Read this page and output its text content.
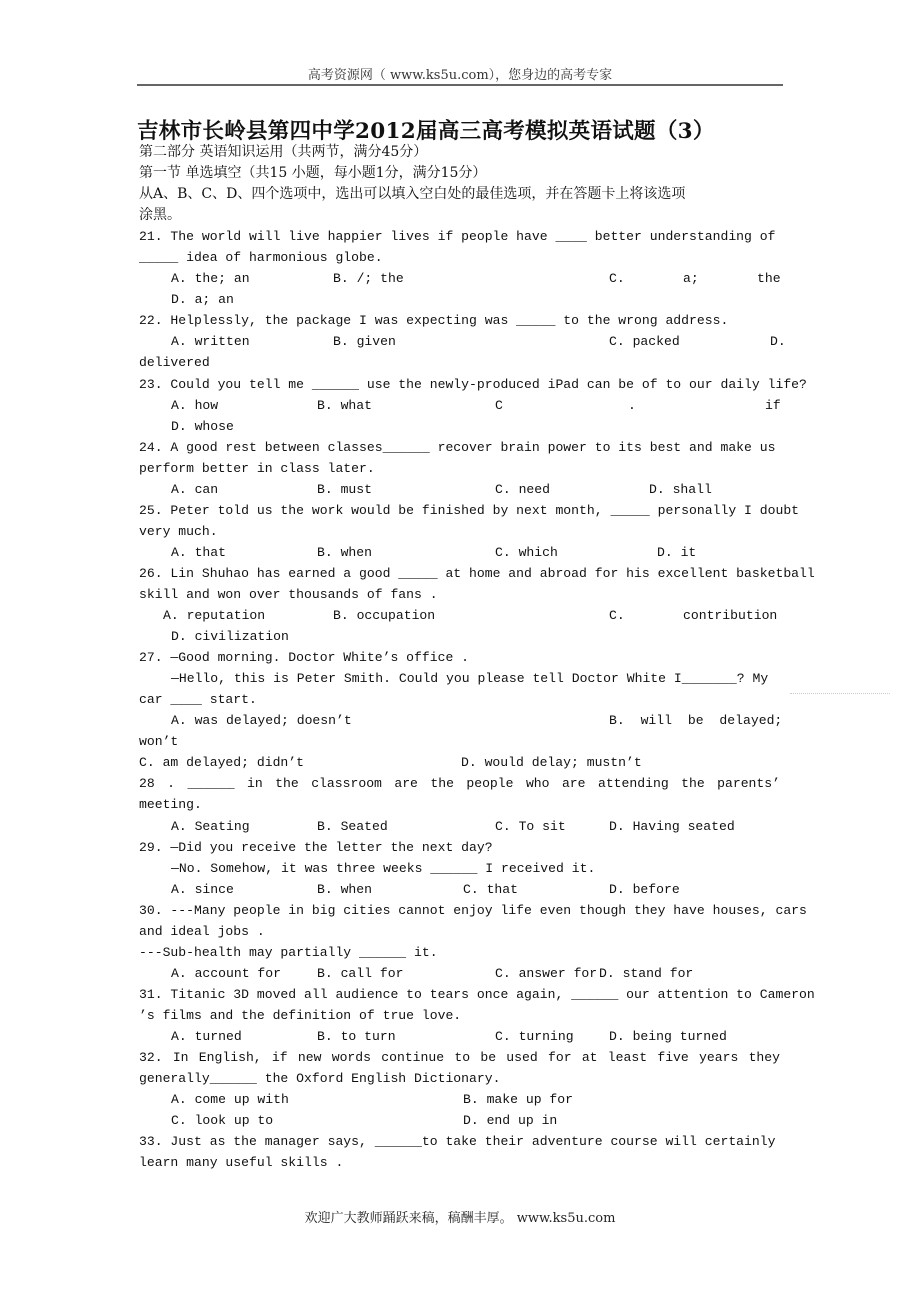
高考资源网（ www.ks5u.com），您身边的高考专家
吉林市长岭县第四中学2012届高三高考模拟英语试题（3）
第二部分 英语知识运用（共两节，满分45分）
第一节 单选填空（共15 小题，每小题1分，满分15分）
从A、B、C、D、四个选项中，选出可以填入空白处的最佳选项，并在答题卡上将该选项
涂黑。
21. The world will live happier lives if people have ____ better understanding of
_____ idea of harmonious globe.

A. the; an

	B. /; the

	C.

	a;

	the

D. a; an
22. Helplessly, the package I was expecting was _____ to the wrong address.

A. written

	B. given

	C. packed

	D.

delivered
23. Could you tell me ______ use the newly-produced iPad can be of to our daily life?

A. how

	B. what

	C

	.

	if

D. whose
24. A good rest between classes______ recover brain power to its best and make us
perform better in class later.

A. can

	B. must

	C. need

	D. shall

25. Peter told us the work would be finished by next month, _____ personally I doubt
very much.

A. that

	B. when

	C. which

	D. it

26. Lin Shuhao has earned a good _____ at home and abroad for his excellent basketball
skill and won over thousands of fans .

A. reputation

	B. occupation

	C.

	contribution

D. civilization
27. —Good morning. Doctor White’s office .
—Hello, this is Peter Smith. Could you please tell Doctor White I_______? My
car ____ start.

A. was delayed; doesn’t

	B. will be delayed;

won’t

C. am delayed; didn’t

	D. would delay; mustn’t

28 . ______ in the classroom are the people who are attending the parents’
meeting.

A. Seating

	B. Seated

	C. To sit

	D. Having seated

29. —Did you receive the letter the next day?
—No. Somehow, it was three weeks ______ I received it.

A. since

	B. when

	C. that

	D. before

30. ---Many people in big cities cannot enjoy life even though they have houses, cars
and ideal jobs .
---Sub-health may partially ______ it.

A. account for

	B. call for

	C. answer for

D. stand for

31. Titanic 3D moved all audience to tears once again, ______ our attention to Cameron
’s films and the definition of true love.

A. turned

	B. to turn

	C. turning

	D. being turned

32. In English, if new words continue to be used for at least five years they
generally______ the Oxford English Dictionary.

A. come up with

	B. make up for

C. look up to

	D. end up in

33. Just as the manager says, ______to take their adventure course will certainly
learn many useful skills .
欢迎广大教师踊跃来稿，稿酬丰厚。 www.ks5u.com
